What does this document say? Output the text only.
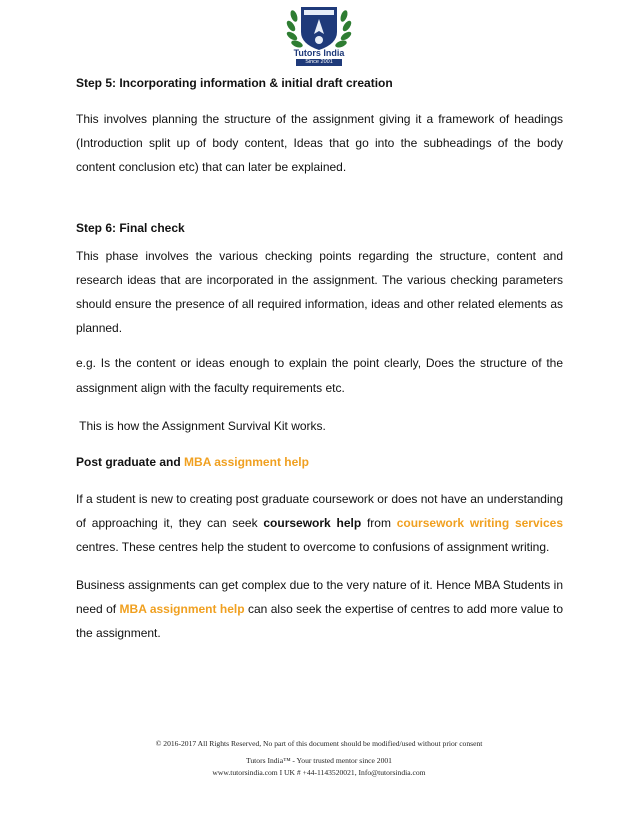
Tutors India
Since 2001
Step 5: Incorporating information & initial draft creation

This involves planning the structure of the assignment giving it a framework of headings (Introduction split up of body content, Ideas that go into the subheadings of the body content conclusion etc) that can later be explained.

Step 6: Final check

This phase involves the various checking points regarding the structure, content and research ideas that are incorporated in the assignment. The various checking parameters should ensure the presence of all required information, ideas and other related elements as planned.

e.g. Is the content or ideas enough to explain the point clearly, Does the structure of the assignment align with the faculty requirements etc.

This is how the Assignment Survival Kit works.

Post graduate and MBA assignment help

If a student is new to creating post graduate coursework or does not have an understanding of approaching it, they can seek coursework help from coursework writing services centres. These centres help the student to overcome to confusions of assignment writing.

Business assignments can get complex due to the very nature of it. Hence MBA Students in need of MBA assignment help can also seek the expertise of centres to add more value to the assignment.

© 2016-2017 All Rights Reserved, No part of this document should be modified/used without prior consent
Tutors India™ - Your trusted mentor since 2001
www.tutorsindia.com I UK # +44-1143520021, Info@tutorsindia.com
